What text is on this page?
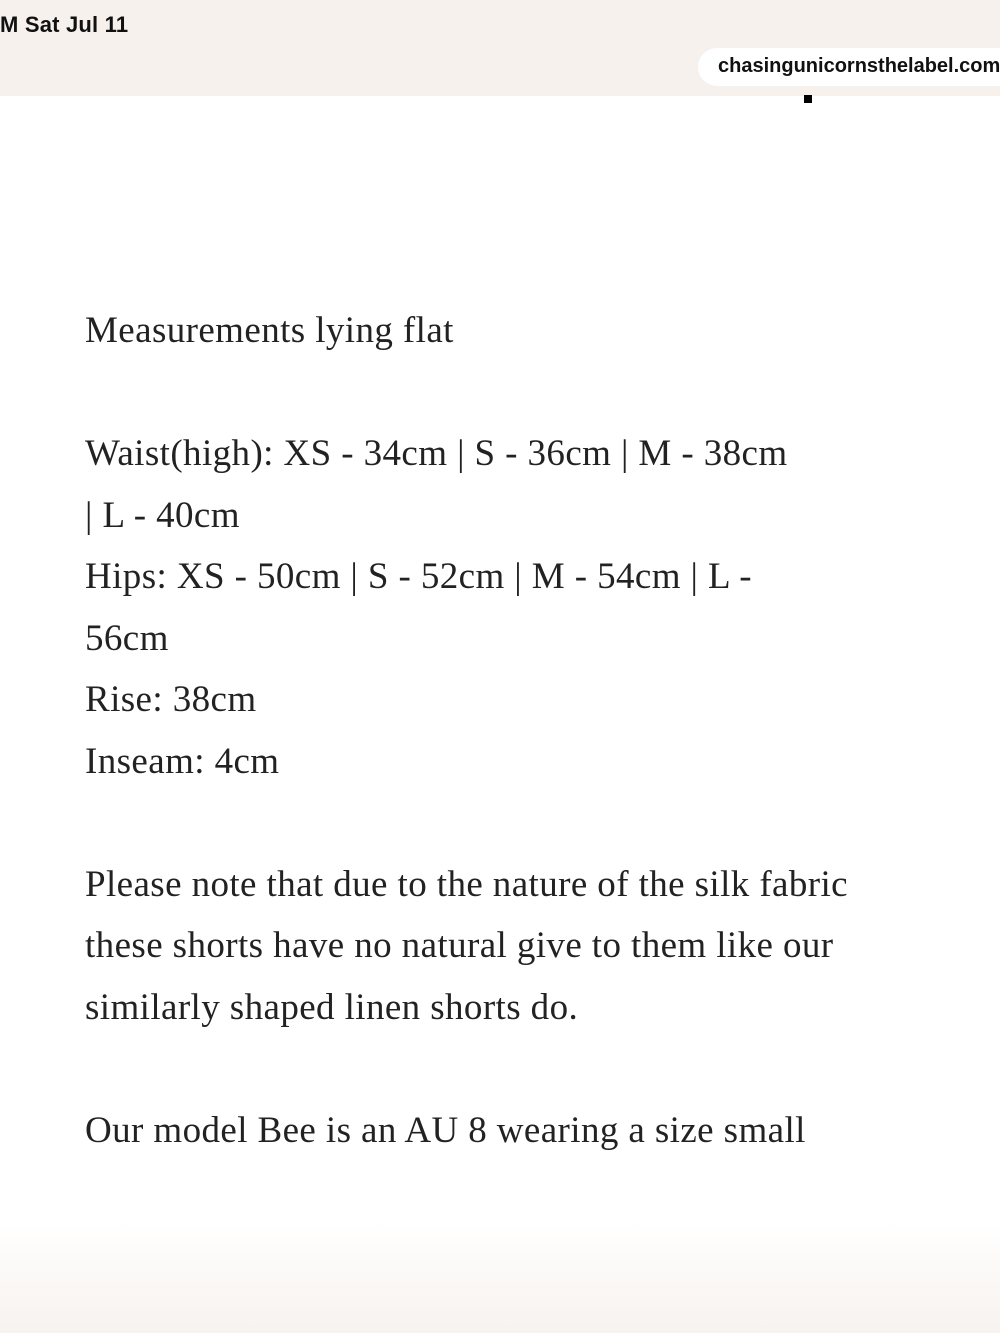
M Sat Jul 11
chasingunicornsthelabel.com

Measurements lying flat

Waist(high): XS - 34cm | S - 36cm | M - 38cm

| L - 40cm

Hips: XS - 50cm | S - 52cm | M - 54cm | L -

56cm

Rise: 38cm

Inseam: 4cm

Please note that due to the nature of the silk fabric these shorts have no natural give to them like our similarly shaped linen shorts do.

Our model Bee is an AU 8 wearing a size small
